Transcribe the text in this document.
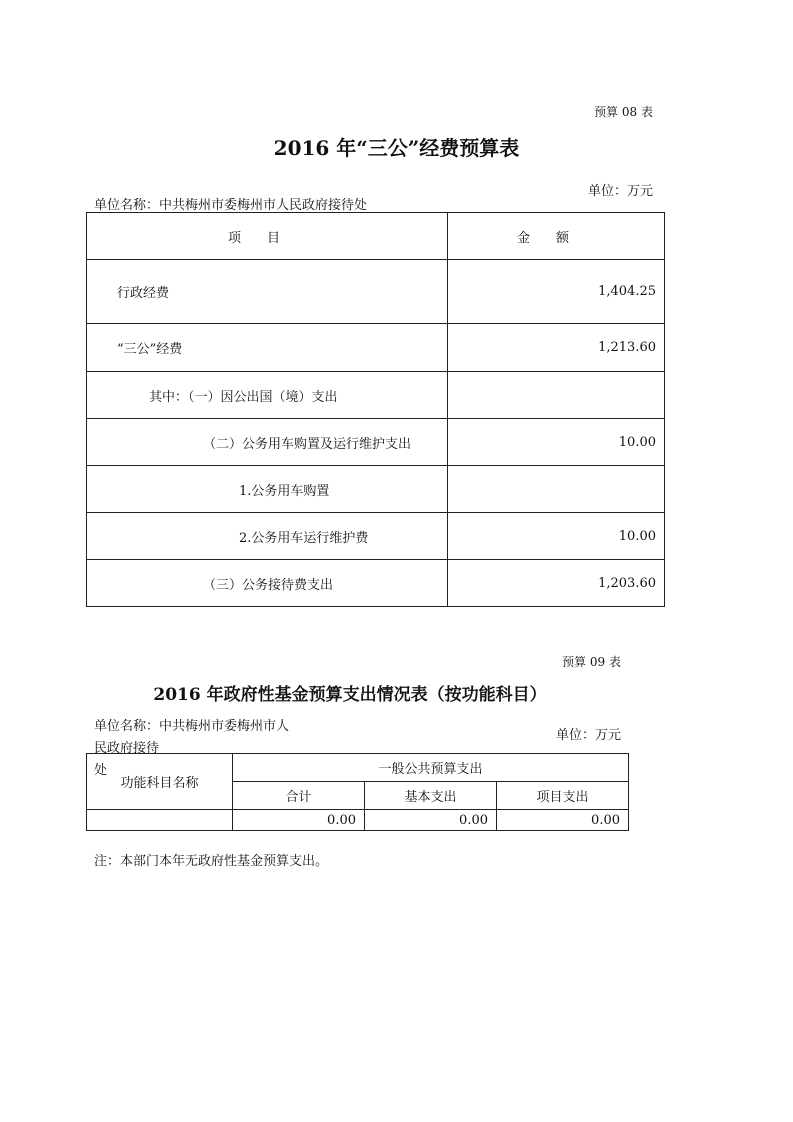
预算 08 表
2016 年“三公”经费预算表
单位：万元
单位名称：中共梅州市委梅州市人民政府接待处
项目	金额
行政经费	1,404.25
“三公”经费	1,213.60
其中：（一）因公出国（境）支出	
（二）公务用车购置及运行维护支出	10.00
1.公务用车购置	
2.公务用车运行维护费	10.00
（三）公务接待费支出	1,203.60
预算 09 表
2016 年政府性基金预算支出情况表（按功能科目）
单位名称：中共梅州市委梅州市人民政府接待
处
单位：万元
功能科目名称	一般公共预算支出		
	合计	基本支出	项目支出
	0.00	0.00	0.00
注：本部门本年无政府性基金预算支出。
